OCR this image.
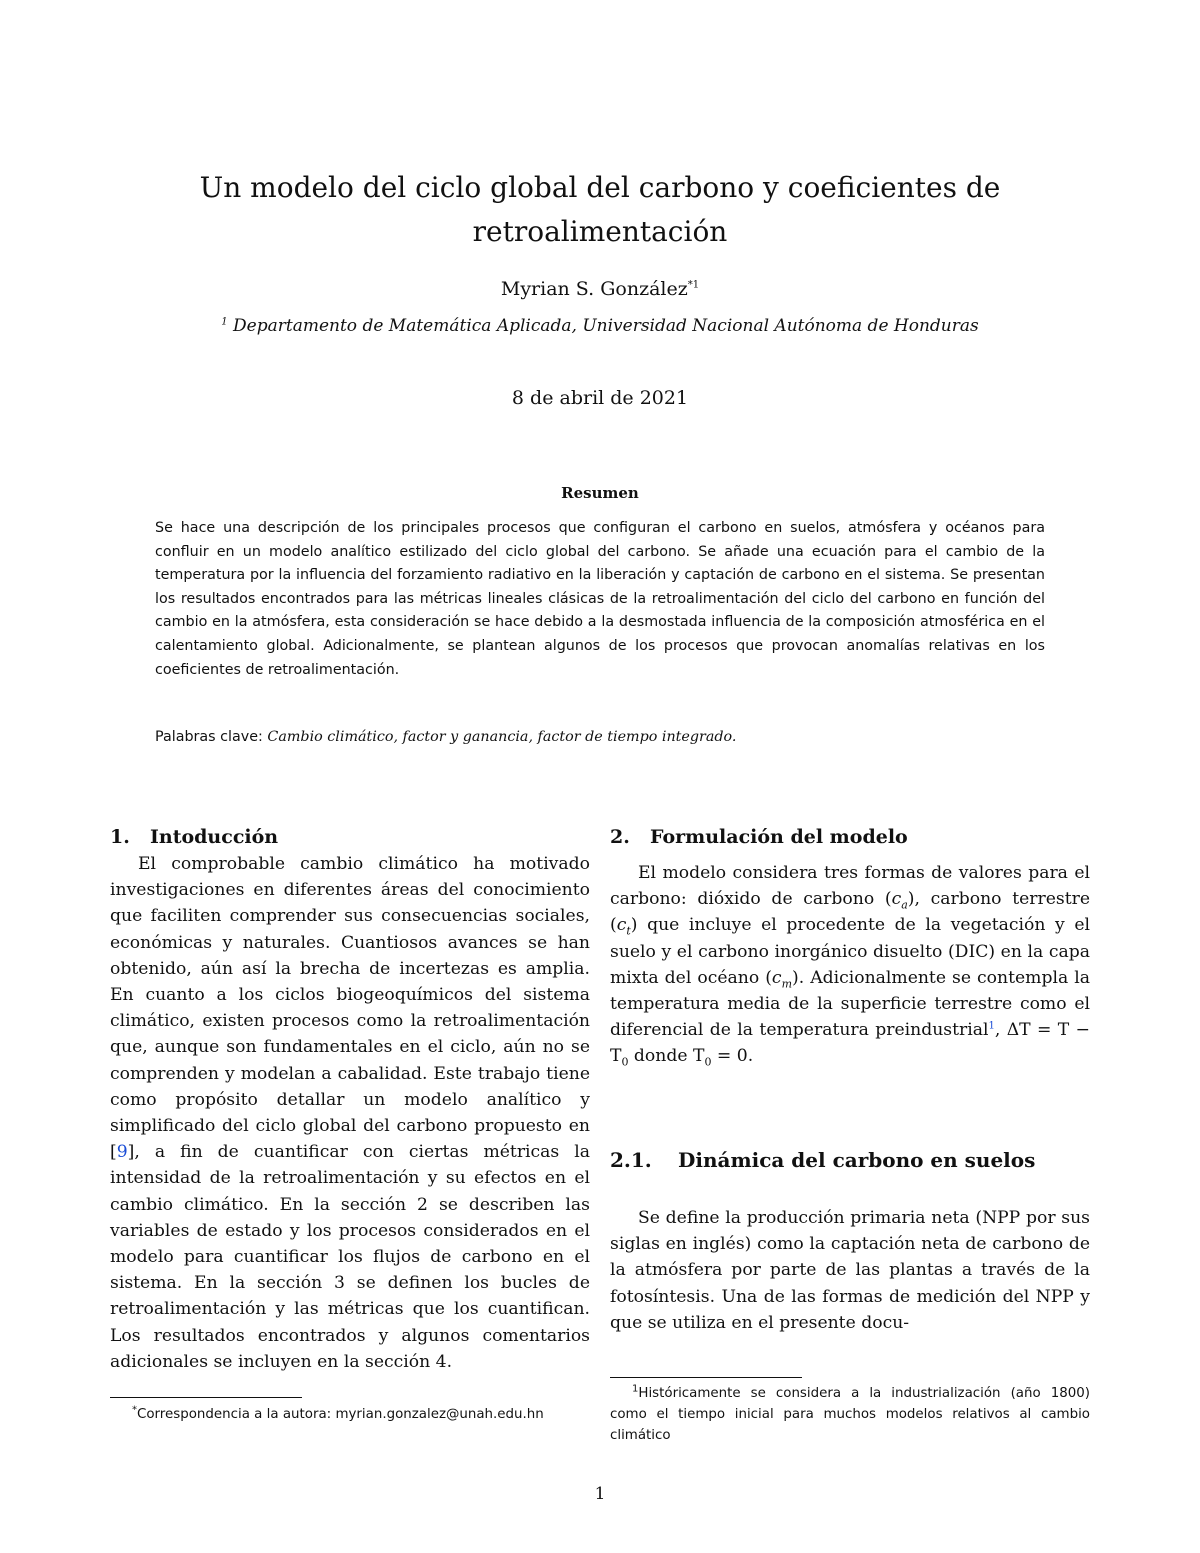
Un modelo del ciclo global del carbono y coeficientes de retroalimentación
Myrian S. González$^{*1}$
$^1$ Departamento de Matemática Aplicada, Universidad Nacional Autónoma de Honduras
8 de abril de 2021
Resumen

Se hace una descripción de los principales procesos que configuran el carbono en suelos, atmósfera y océanos para confluir en un modelo analítico estilizado del ciclo global del carbono. Se añade una ecuación para el cambio de la temperatura por la influencia del forzamiento radiativo en la liberación y captación de carbono en el sistema. Se presentan los resultados encontrados para las métricas lineales clásicas de la retroalimentación del ciclo del carbono en función del cambio en la atmósfera, esta consideración se hace debido a la desmostada influencia de la composición atmosférica en el calentamiento global. Adicionalmente, se plantean algunos de los procesos que provocan anomalías relativas en los coeficientes de retroalimentación.

Palabras clave: Cambio climático, factor y ganancia, factor de tiempo integrado.

1. Intoducción

El comprobable cambio climático ha motivado investigaciones en diferentes áreas del conocimiento que faciliten comprender sus consecuencias sociales, económicas y naturales. Cuantiosos avances se han obtenido, aún así la brecha de incertezas es amplia. En cuanto a los ciclos biogeoquímicos del sistema climático, existen procesos como la retroalimentación que, aunque son fundamentales en el ciclo, aún no se comprenden y modelan a cabalidad. Este trabajo tiene como propósito detallar un modelo analítico y simplificado del ciclo global del carbono propuesto en [9], a fin de cuantificar con ciertas métricas la intensidad de la retroalimentación y su efectos en el cambio climático. En la sección 2 se describen las variables de estado y los procesos considerados en el modelo para cuantificar los flujos de carbono en el sistema. En la sección 3 se definen los bucles de retroalimentación y las métricas que los cuantifican. Los resultados encontrados y algunos comentarios adicionales se incluyen en la sección 4.

*Correspondencia a la autora: myrian.gonzalez@unah.edu.hn

2. Formulación del modelo

El modelo considera tres formas de valores para el carbono: dióxido de carbono $(c_a)$, carbono terrestre $(c_t)$ que incluye el procedente de la vegetación y el suelo y el carbono inorgánico disuelto (DIC) en la capa mixta del océano $(c_m)$. Adicionalmente se contempla la temperatura media de la superficie terrestre como el diferencial de la temperatura preindustrial$^1$, $\Delta T = T - T_0$ donde $T_0 = 0$.

2.1. Dinámica del carbono en suelos

Se define la producción primaria neta (NPP por sus siglas en inglés) como la captación neta de carbono de la atmósfera por parte de las plantas a través de la fotosíntesis. Una de las formas de medición del NPP y que se utiliza en el presente docu-

$^1$Históricamente se considera a la industrialización (año 1800) como el tiempo inicial para muchos modelos relativos al cambio climático

1
